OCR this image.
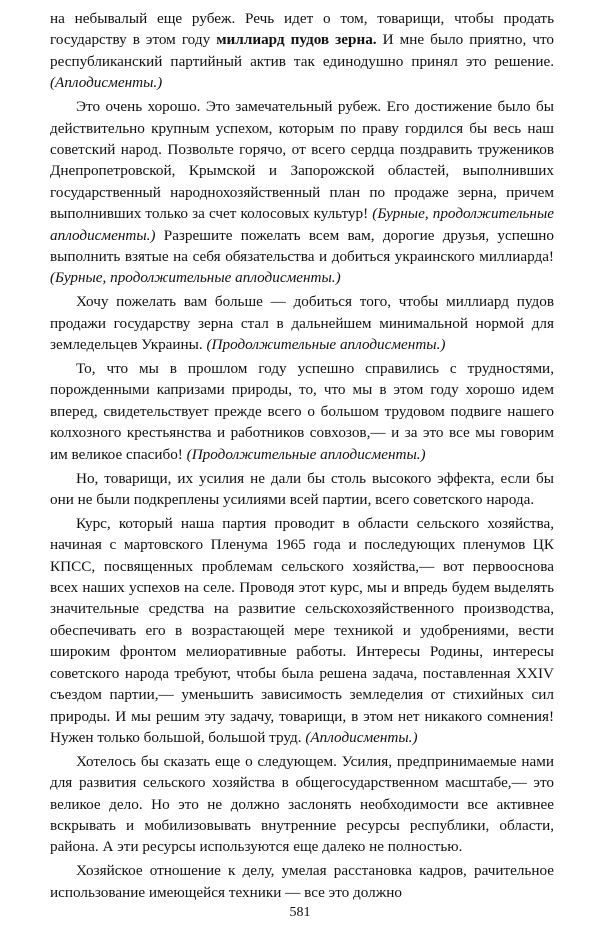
на небывалый еще рубеж. Речь идет о том, товарищи, чтобы продать государству в этом году миллиард пудов зерна. И мне было приятно, что республиканский партийный актив так единодушно принял это решение. (Аплодисменты.)

Это очень хорошо. Это замечательный рубеж. Его достижение было бы действительно крупным успехом, которым по праву гордился бы весь наш советский народ. Позвольте горячо, от всего сердца поздравить тружеников Днепропетровской, Крымской и Запорожской областей, выполнивших государственный народнохозяйственный план по продаже зерна, причем выполнивших только за счет колосовых культур! (Бурные, продолжительные аплодисменты.) Разрешите пожелать всем вам, дорогие друзья, успешно выполнить взятые на себя обязательства и добиться украинского миллиарда! (Бурные, продолжительные аплодисменты.)

Хочу пожелать вам больше — добиться того, чтобы миллиард пудов продажи государству зерна стал в дальнейшем минимальной нормой для земледельцев Украины. (Продолжительные аплодисменты.)

То, что мы в прошлом году успешно справились с трудностями, порожденными капризами природы, то, что мы в этом году хорошо идем вперед, свидетельствует прежде всего о большом трудовом подвиге нашего колхозного крестьянства и работников совхозов,— и за это все мы говорим им великое спасибо! (Продолжительные аплодисменты.)

Но, товарищи, их усилия не дали бы столь высокого эффекта, если бы они не были подкреплены усилиями всей партии, всего советского народа.

Курс, который наша партия проводит в области сельского хозяйства, начиная с мартовского Пленума 1965 года и последующих пленумов ЦК КПСС, посвященных проблемам сельского хозяйства,— вот первооснова всех наших успехов на селе. Проводя этот курс, мы и впредь будем выделять значительные средства на развитие сельскохозяйственного производства, обеспечивать его в возрастающей мере техникой и удобрениями, вести широким фронтом мелиоративные работы. Интересы Родины, интересы советского народа требуют, чтобы была решена задача, поставленная XXIV съездом партии,— уменьшить зависимость земледелия от стихийных сил природы. И мы решим эту задачу, товарищи, в этом нет никакого сомнения! Нужен только большой, большой труд. (Аплодисменты.)

Хотелось бы сказать еще о следующем. Усилия, предпринимаемые нами для развития сельского хозяйства в общегосударственном масштабе,— это великое дело. Но это не должно заслонять необходимости все активнее вскрывать и мобилизовывать внутренние ресурсы республики, области, района. А эти ресурсы используются еще далеко не полностью.

Хозяйское отношение к делу, умелая расстановка кадров, рачительное использование имеющейся техники — все это должно

581
